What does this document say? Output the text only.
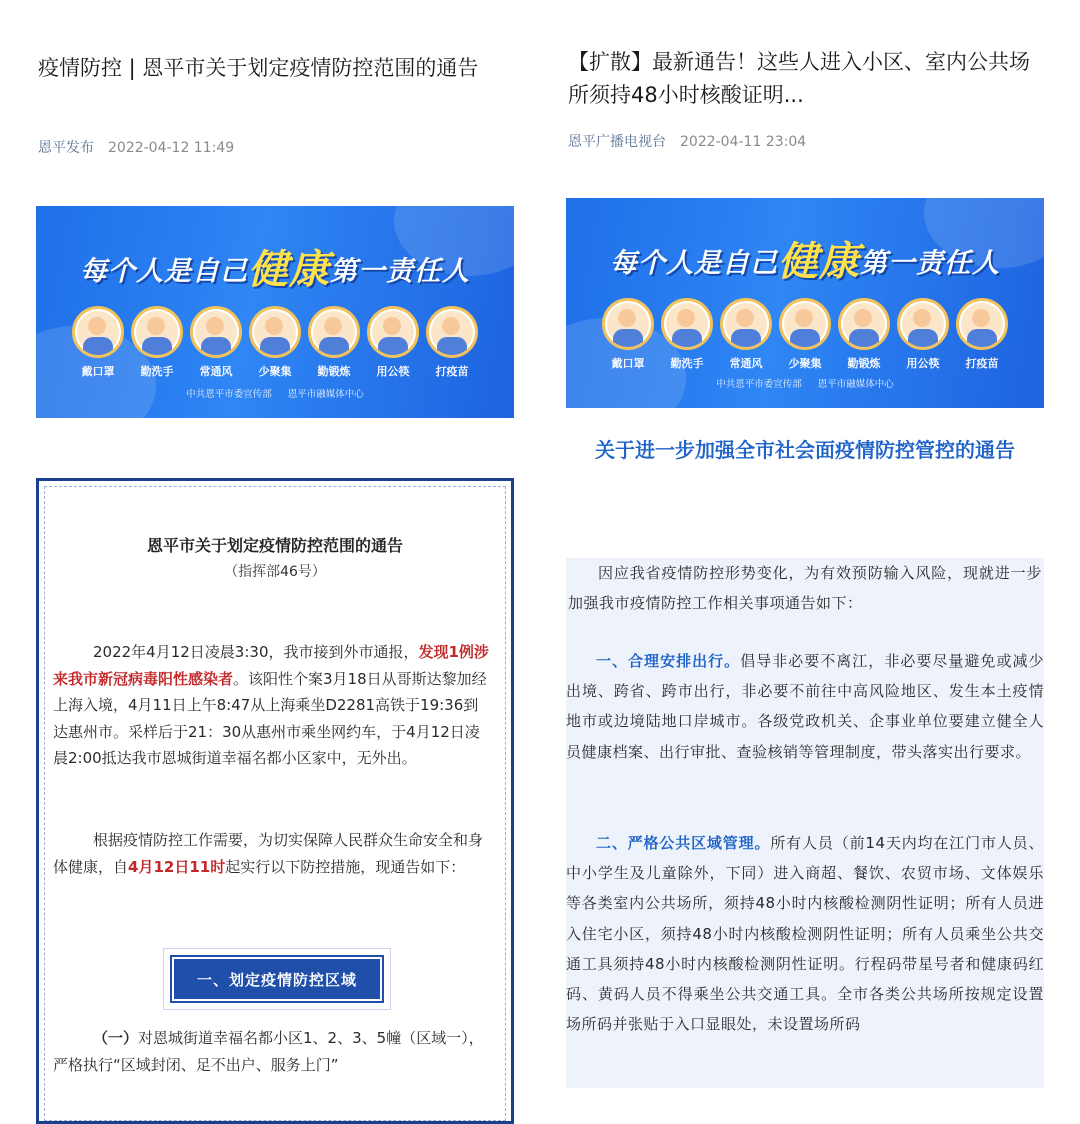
疫情防控 | 恩平市关于划定疫情防控范围的通告
恩平发布 2022-04-12 11:49
每个人是自己健康第一责任人
戴口罩	勤洗手	常通风	少聚集	勤锻炼	用公筷	打疫苗
中共恩平市委宣传部 恩平市融媒体中心
恩平市关于划定疫情防控范围的通告
（指挥部46号）
2022年4月12日凌晨3:30，我市接到外市通报，发现1例涉来我市新冠病毒阳性感染者。该阳性个案3月18日从哥斯达黎加经上海入境，4月11日上午8:47从上海乘坐D2281高铁于19:36到达惠州市。采样后于21：30从惠州市乘坐网约车，于4月12日凌晨2:00抵达我市恩城街道幸福名都小区家中，无外出。
根据疫情防控工作需要，为切实保障人民群众生命安全和身体健康，自4月12日11时起实行以下防控措施，现通告如下：
一、划定疫情防控区域
（一）对恩城街道幸福名都小区1、2、3、5幢（区域一），严格执行“区域封闭、足不出户、服务上门”
【扩散】最新通告！这些人进入小区、室内公共场所须持48小时核酸证明...
恩平广播电视台 2022-04-11 23:04
每个人是自己健康第一责任人
戴口罩	勤洗手	常通风	少聚集	勤锻炼	用公筷	打疫苗
中共恩平市委宣传部 恩平市融媒体中心
关于进一步加强全市社会面疫情防控管控的通告
因应我省疫情防控形势变化，为有效预防输入风险，现就进一步加强我市疫情防控工作相关事项通告如下：
一、合理安排出行。倡导非必要不离江，非必要尽量避免或减少出境、跨省、跨市出行，非必要不前往中高风险地区、发生本土疫情地市或边境陆地口岸城市。各级党政机关、企事业单位要建立健全人员健康档案、出行审批、查验核销等管理制度，带头落实出行要求。
二、严格公共区域管理。所有人员（前14天内均在江门市人员、中小学生及儿童除外，下同）进入商超、餐饮、农贸市场、文体娱乐等各类室内公共场所，须持48小时内核酸检测阴性证明；所有人员进入住宅小区，须持48小时内核酸检测阴性证明；所有人员乘坐公共交通工具须持48小时内核酸检测阴性证明。行程码带星号者和健康码红码、黄码人员不得乘坐公共交通工具。全市各类公共场所按规定设置场所码并张贴于入口显眼处，未设置场所码
